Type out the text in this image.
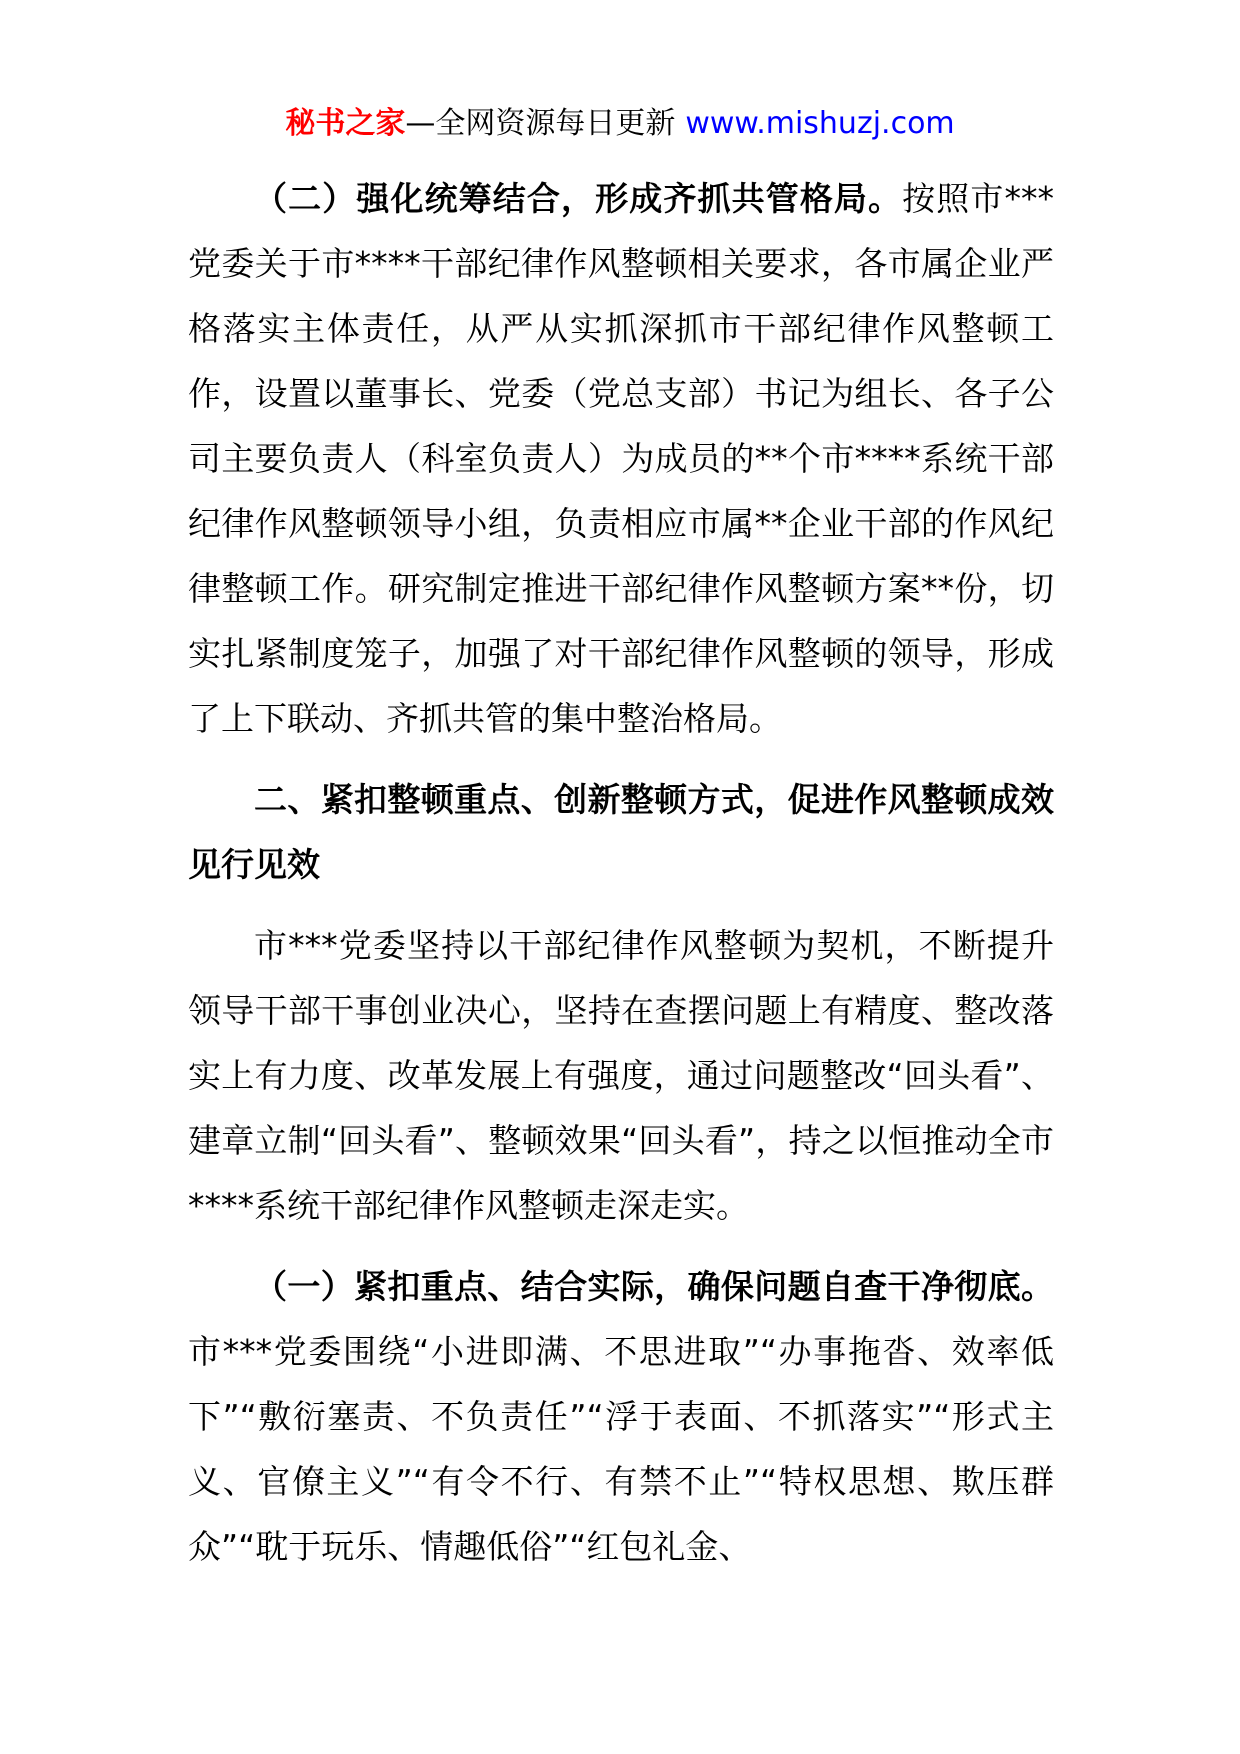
秘书之家—全网资源每日更新 www.mishuzj.com

（二）强化统筹结合，形成齐抓共管格局。按照市***党委关于市****干部纪律作风整顿相关要求，各市属企业严格落实主体责任，从严从实抓深抓市干部纪律作风整顿工作，设置以董事长、党委（党总支部）书记为组长、各子公司主要负责人（科室负责人）为成员的**个市****系统干部纪律作风整顿领导小组，负责相应市属**企业干部的作风纪律整顿工作。研究制定推进干部纪律作风整顿方案**份，切实扎紧制度笼子，加强了对干部纪律作风整顿的领导，形成了上下联动、齐抓共管的集中整治格局。

二、紧扣整顿重点、创新整顿方式，促进作风整顿成效见行见效

市***党委坚持以干部纪律作风整顿为契机，不断提升领导干部干事创业决心，坚持在查摆问题上有精度、整改落实上有力度、改革发展上有强度，通过问题整改“回头看”、建章立制“回头看”、整顿效果“回头看”，持之以恒推动全市****系统干部纪律作风整顿走深走实。

（一）紧扣重点、结合实际，确保问题自查干净彻底。市***党委围绕“小进即满、不思进取”“办事拖沓、效率低下”“敷衍塞责、不负责任”“浮于表面、不抓落实”“形式主义、官僚主义”“有令不行、有禁不止”“特权思想、欺压群众”“耽于玩乐、情趣低俗”“红包礼金、
